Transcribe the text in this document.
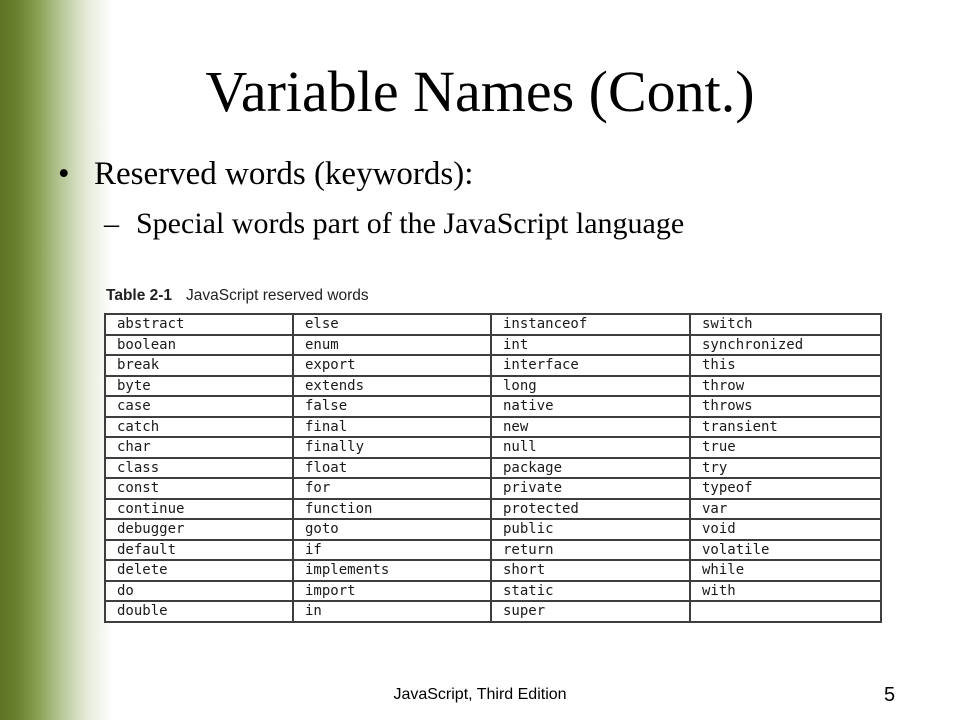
Variable Names (Cont.)
• Reserved words (keywords):
– Special words part of the JavaScript language
Table 2-1 JavaScript reserved words
abstract	else	instanceof	switch
boolean	enum	int	synchronized
break	export	interface	this
byte	extends	long	throw
case	false	native	throws
catch	final	new	transient
char	finally	null	true
class	float	package	try
const	for	private	typeof
continue	function	protected	var
debugger	goto	public	void
default	if	return	volatile
delete	implements	short	while
do	import	static	with
double	in	super	
JavaScript, Third Edition	5
